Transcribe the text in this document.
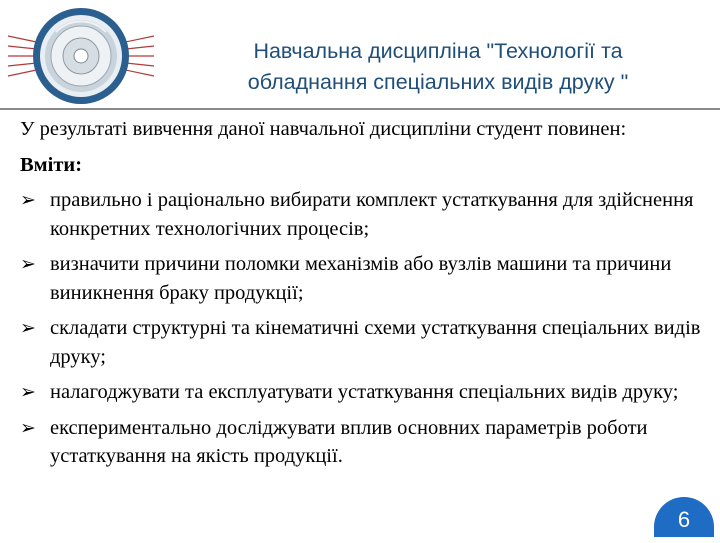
Навчальна дисципліна "Технології та
обладнання спеціальних видів друку "

У результаті вивчення даної навчальної дисципліни студент повинен:

Вміти:

➢ правильно і раціонально вибирати комплект устаткування для здійснення конкретних технологічних процесів;
➢ визначити причини поломки механізмів або вузлів машини та причини виникнення браку продукції;
➢ складати структурні та кінематичні схеми устаткування спеціальних видів друку;
➢ налагоджувати та експлуатувати устаткування спеціальних видів друку;
➢ експериментально досліджувати вплив основних параметрів роботи устаткування на якість продукції.
6
